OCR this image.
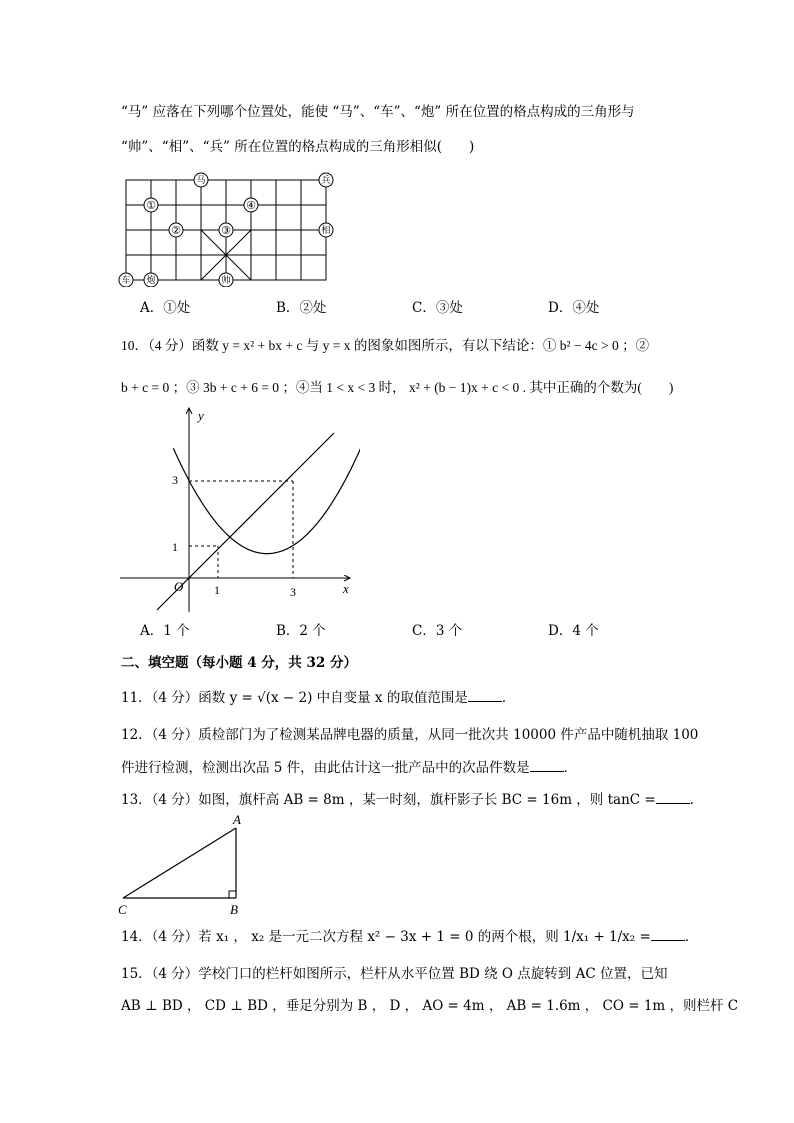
“马” 应落在下列哪个位置处，能使 “马”、“车”、“炮” 所在位置的格点构成的三角形与
“帅”、“相”、“兵” 所在位置的格点构成的三角形相似(　　)
马	兵
相
车 炮	帅
①
②	③
④
A．①处	B．②处	C．③处	D．④处
10．（4 分）函数 y = x² + bx + c 与 y = x 的图象如图所示，有以下结论：① b² − 4c > 0 ；②
b + c = 0 ；③ 3b + c + 6 = 0 ；④当 1 < x < 3 时， x² + (b − 1)x + c < 0 . 其中正确的个数为(　　)
y
x
O	1	3
1
3
A．1 个	B．2 个	C．3 个	D．4 个
二、填空题（每小题 4 分，共 32 分）
11．（4 分）函数 y = √(x − 2) 中自变量 x 的取值范围是	．
12．（4 分）质检部门为了检测某品牌电器的质量，从同一批次共 10000 件产品中随机抽取 100
件进行检测，检测出次品 5 件，由此估计这一批产品中的次品件数是	．
13．（4 分）如图，旗杆高 AB = 8m ，某一时刻，旗杆影子长 BC = 16m ，则 tanC =	．
A
B
C
14．（4 分）若 x₁ ， x₂ 是一元二次方程 x² − 3x + 1 = 0 的两个根，则 1/x₁ + 1/x₂ =	．
15．（4 分）学校门口的栏杆如图所示，栏杆从水平位置 BD 绕 O 点旋转到 AC 位置，已知
AB ⊥ BD ， CD ⊥ BD ，垂足分别为 B ， D ， AO = 4m ， AB = 1.6m ， CO = 1m ，则栏杆 C
